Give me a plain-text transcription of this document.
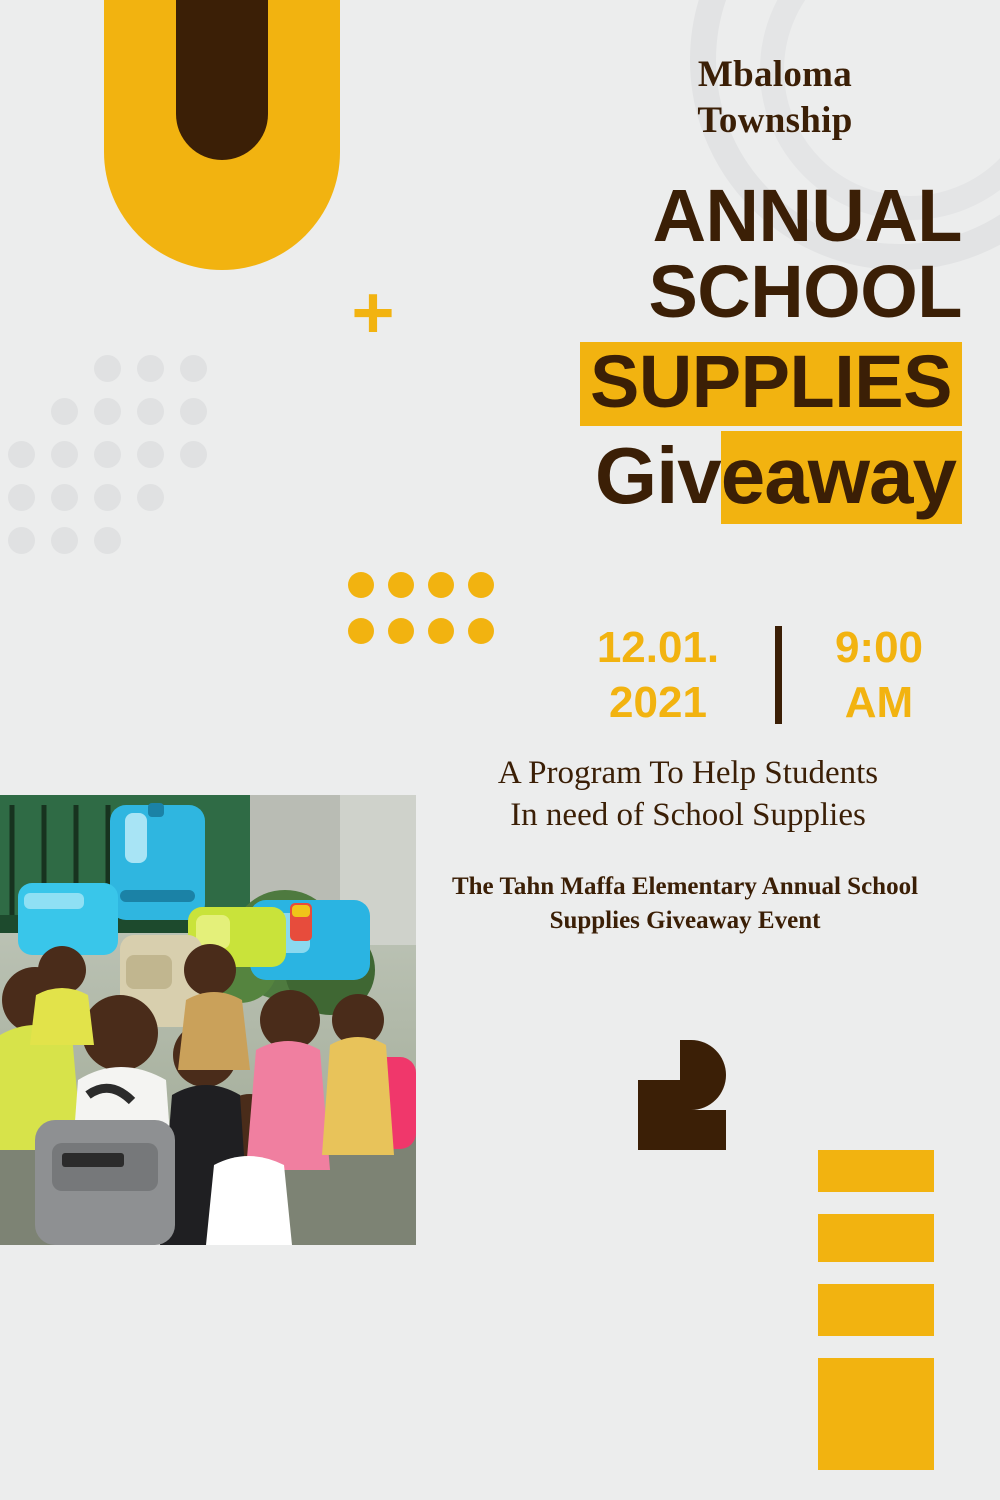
+
Mbaloma
Township
ANNUAL
SCHOOL
SUPPLIES
Giveaway
12.01.
2021
9:00
AM
A Program To Help Students
In need of School Supplies
The Tahn Maffa Elementary Annual School
Supplies Giveaway Event
